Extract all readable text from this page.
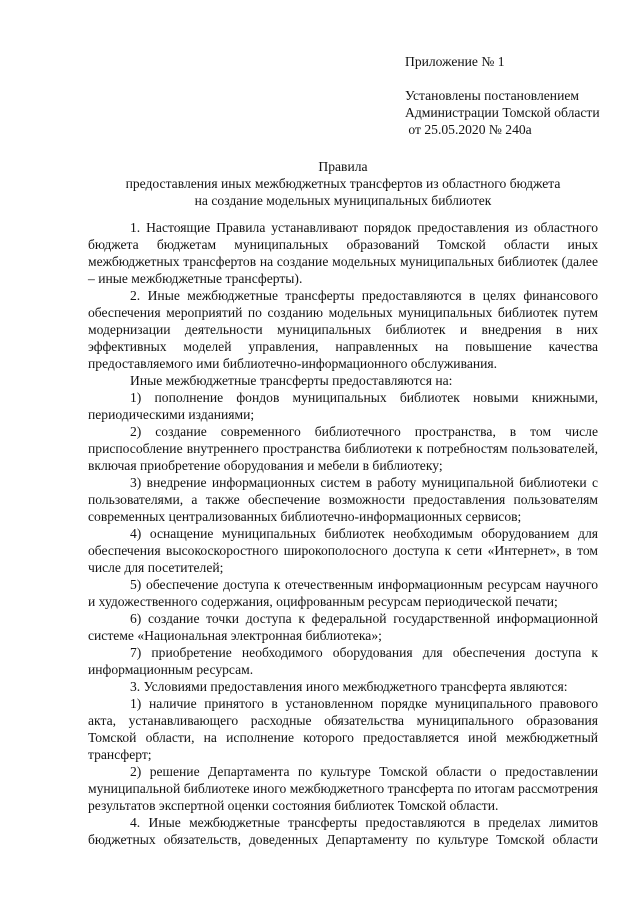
Приложение № 1
Установлены постановлением
Администрации Томской области
от 25.05.2020 № 240а
Правила
предоставления иных межбюджетных трансфертов из областного бюджета
на создание модельных муниципальных библиотек

1. Настоящие Правила устанавливают порядок предоставления из областного бюджета бюджетам муниципальных образований Томской области иных межбюджетных трансфертов на создание модельных муниципальных библиотек (далее – иные межбюджетные трансферты).

2. Иные межбюджетные трансферты предоставляются в целях финансового обеспечения мероприятий по созданию модельных муниципальных библиотек путем модернизации деятельности муниципальных библиотек и внедрения в них эффективных моделей управления, направленных на повышение качества предоставляемого ими библиотечно-информационного обслуживания.

Иные межбюджетные трансферты предоставляются на:

1) пополнение фондов муниципальных библиотек новыми книжными, периодическими изданиями;

2) создание современного библиотечного пространства, в том числе приспособление внутреннего пространства библиотеки к потребностям пользователей, включая приобретение оборудования и мебели в библиотеку;

3) внедрение информационных систем в работу муниципальной библиотеки с пользователями, а также обеспечение возможности предоставления пользователям современных централизованных библиотечно-информационных сервисов;

4) оснащение муниципальных библиотек необходимым оборудованием для обеспечения высокоскоростного широкополосного доступа к сети «Интернет», в том числе для посетителей;

5) обеспечение доступа к отечественным информационным ресурсам научного и художественного содержания, оцифрованным ресурсам периодической печати;

6) создание точки доступа к федеральной государственной информационной системе «Национальная электронная библиотека»;

7) приобретение необходимого оборудования для обеспечения доступа к информационным ресурсам.

3. Условиями предоставления иного межбюджетного трансферта являются:

1) наличие принятого в установленном порядке муниципального правового акта, устанавливающего расходные обязательства муниципального образования Томской области, на исполнение которого предоставляется иной межбюджетный трансферт;

2) решение Департамента по культуре Томской области о предоставлении муниципальной библиотеке иного межбюджетного трансферта по итогам рассмотрения результатов экспертной оценки состояния библиотек Томской области.

4. Иные межбюджетные трансферты предоставляются в пределах лимитов бюджетных обязательств, доведенных Департаменту по культуре Томской области
